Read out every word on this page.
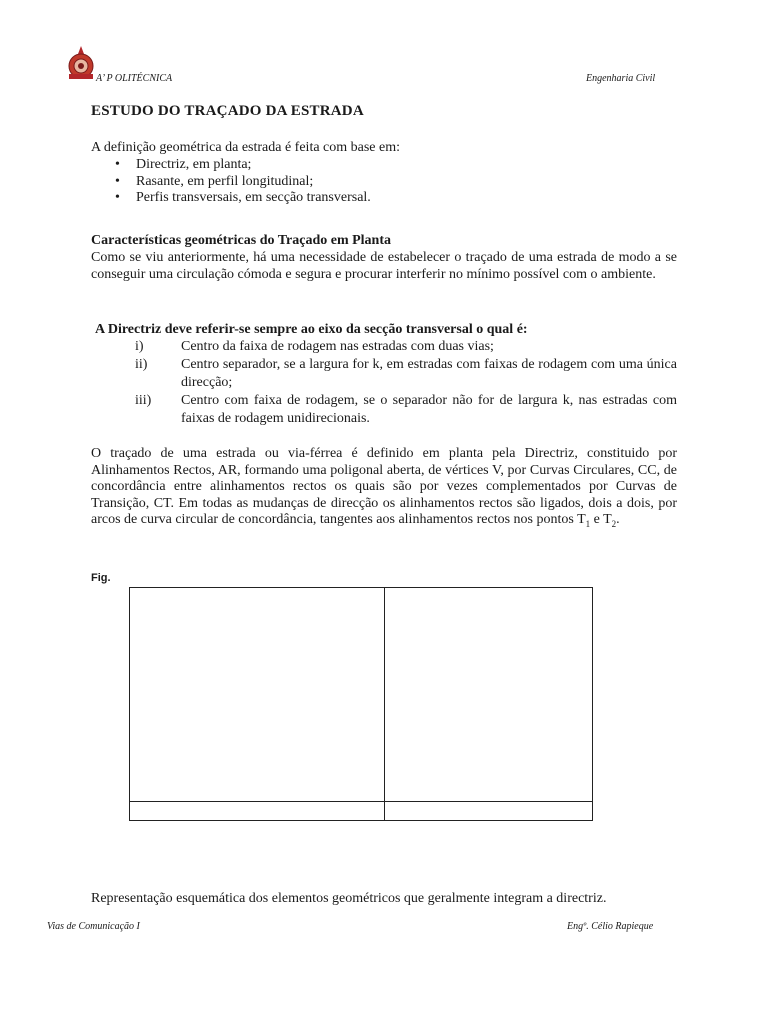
A’ P OLITÉCNICA	Engenharia Civil
ESTUDO DO TRAÇADO DA ESTRADA
A definição geométrica da estrada é feita com base em:
• Directriz, em planta;
• Rasante, em perfil longitudinal;
• Perfis transversais, em secção transversal.
Características geométricas do Traçado em Planta
Como se viu anteriormente, há uma necessidade de estabelecer o traçado de uma estrada de modo a se conseguir uma circulação cómoda e segura e procurar interferir no mínimo possível com o ambiente.
A Directriz deve referir-se sempre ao eixo da secção transversal o qual é:
i)	Centro da faixa de rodagem nas estradas com duas vias;
ii) Centro separador, se a largura for k, em estradas com faixas de rodagem com uma única direcção;
iii) Centro com faixa de rodagem, se o separador não for de largura k, nas estradas com faixas de rodagem unidirecionais.
O traçado de uma estrada ou via-férrea é definido em planta pela Directriz, constituido por Alinhamentos Rectos, AR, formando uma poligonal aberta, de vértices V, por Curvas Circulares, CC, de concordância entre alinhamentos rectos os quais são por vezes complementados por Curvas de Transição, CT. Em todas as mudanças de direcção os alinhamentos rectos são ligados, dois a dois, por arcos de curva circular de concordância, tangentes aos alinhamentos rectos nos pontos $T_1$ e $T_2$.
Fig.
Representação esquemática dos elementos geométricos que geralmente integram a directriz.
Vias de Comunicação I	Engº. Célio Rapieque
